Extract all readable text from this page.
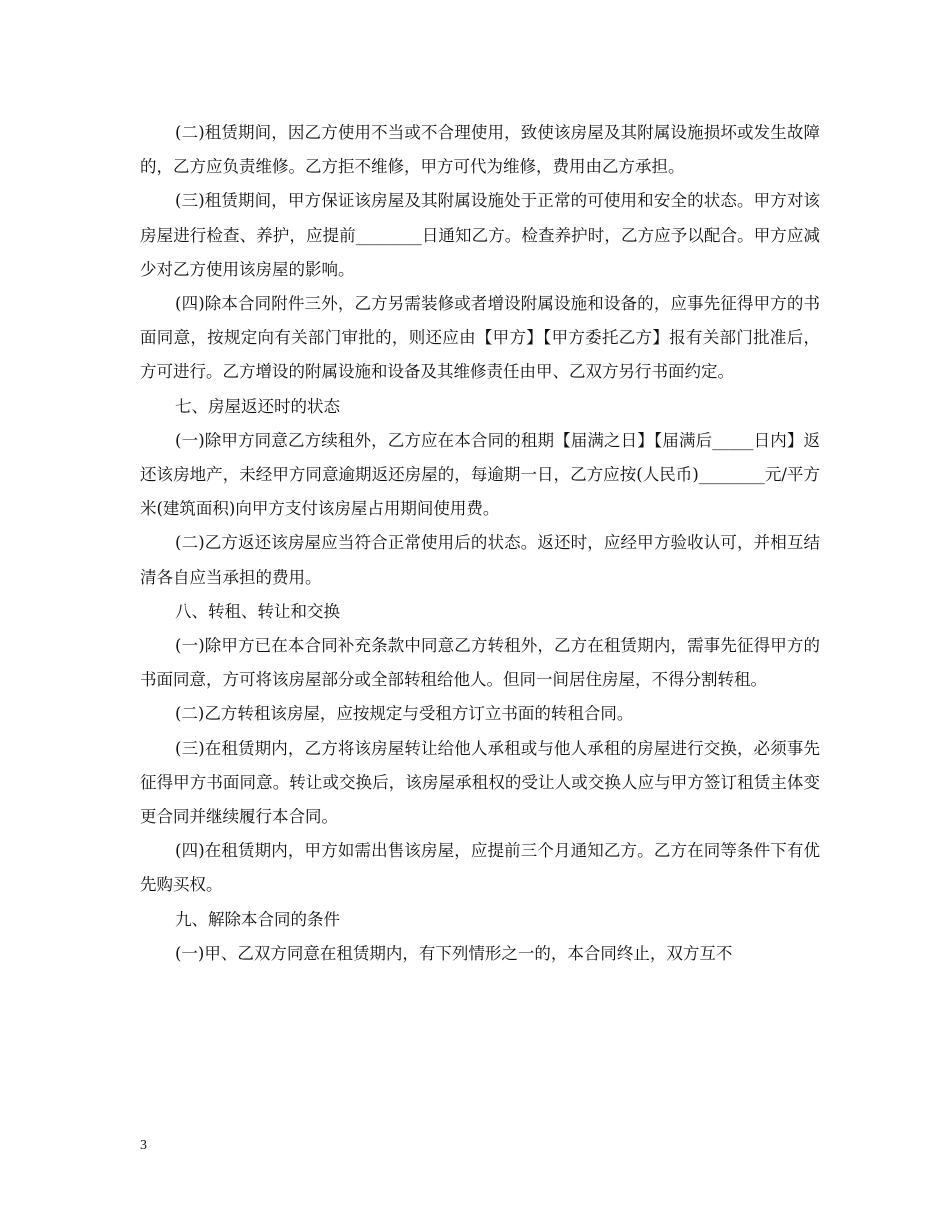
(二)租赁期间，因乙方使用不当或不合理使用，致使该房屋及其附属设施损坏或发生故障的，乙方应负责维修。乙方拒不维修，甲方可代为维修，费用由乙方承担。

(三)租赁期间，甲方保证该房屋及其附属设施处于正常的可使用和安全的状态。甲方对该房屋进行检查、养护，应提前________日通知乙方。检查养护时，乙方应予以配合。甲方应减少对乙方使用该房屋的影响。

(四)除本合同附件三外，乙方另需装修或者增设附属设施和设备的，应事先征得甲方的书面同意，按规定向有关部门审批的，则还应由【甲方】【甲方委托乙方】报有关部门批准后，方可进行。乙方增设的附属设施和设备及其维修责任由甲、乙双方另行书面约定。

七、房屋返还时的状态

(一)除甲方同意乙方续租外，乙方应在本合同的租期【届满之日】【届满后_____日内】返还该房地产，未经甲方同意逾期返还房屋的，每逾期一日，乙方应按(人民币)________元/平方米(建筑面积)向甲方支付该房屋占用期间使用费。

(二)乙方返还该房屋应当符合正常使用后的状态。返还时，应经甲方验收认可，并相互结清各自应当承担的费用。

八、转租、转让和交换

(一)除甲方已在本合同补充条款中同意乙方转租外，乙方在租赁期内，需事先征得甲方的书面同意，方可将该房屋部分或全部转租给他人。但同一间居住房屋，不得分割转租。

(二)乙方转租该房屋，应按规定与受租方订立书面的转租合同。

(三)在租赁期内，乙方将该房屋转让给他人承租或与他人承租的房屋进行交换，必须事先征得甲方书面同意。转让或交换后，该房屋承租权的受让人或交换人应与甲方签订租赁主体变更合同并继续履行本合同。

(四)在租赁期内，甲方如需出售该房屋，应提前三个月通知乙方。乙方在同等条件下有优先购买权。

九、解除本合同的条件

(一)甲、乙双方同意在租赁期内，有下列情形之一的，本合同终止，双方互不

3
